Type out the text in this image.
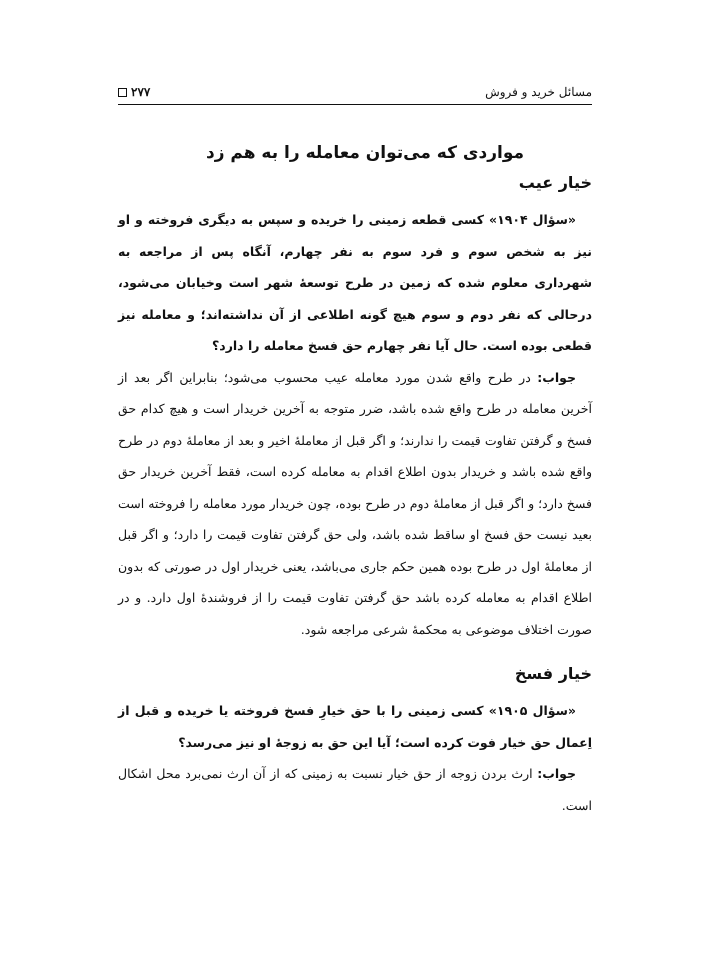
مسائل خرید و فروش
۲۷۷
مواردی که می‌توان معامله را به هم زد
خیار عیب

«سؤال ۱۹۰۴» کسی قطعه زمینی را خریده و سپس به دیگری فروخته و او نیز به شخص سوم و فرد سوم به نفر چهارم، آنگاه پس از مراجعه به شهرداری معلوم شده که زمین در طرح توسعهٔ شهر است وخیابان می‌شود، درحالی که نفر دوم و سوم هیچ گونه اطلاعی از آن نداشته‌اند؛ و معامله نیز قطعی بوده است. حال آیا نفر چهارم حق فسخ معامله را دارد؟

جواب: در طرح واقع شدن مورد معامله عیب محسوب می‌شود؛ بنابراین اگر بعد از آخرین معامله در طرح واقع شده باشد، ضرر متوجه به آخرین خریدار است و هیچ کدام حق فسخ و گرفتن تفاوت قیمت را ندارند؛ و اگر قبل از معاملهٔ اخیر و بعد از معاملهٔ دوم در طرح واقع شده باشد و خریدار بدون اطلاع اقدام به معامله کرده است، فقط آخرین خریدار حق فسخ دارد؛ و اگر قبل از معاملهٔ دوم در طرح بوده، چون خریدار مورد معامله را فروخته است بعید نیست حق فسخ او ساقط شده باشد، ولی حق گرفتن تفاوت قیمت را دارد؛ و اگر قبل از معاملهٔ اول در طرح بوده همین حکم جاری می‌باشد، یعنی خریدار اول در صورتی که بدون اطلاع اقدام به معامله کرده باشد حق گرفتن تفاوت قیمت را از فروشندهٔ اول دارد. و در صورت اختلاف موضوعی به محکمهٔ شرعی مراجعه شود.

خیار فسخ

«سؤال ۱۹۰۵» کسی زمینی را با حق خیارِ فسخ فروخته یا خریده و قبل از اِعمال حق خیار فوت کرده است؛ آیا این حق به زوجهٔ او نیز می‌رسد؟

جواب: ارث بردن زوجه از حق خیار نسبت به زمینی که از آن ارث نمی‌برد محل اشکال است.
